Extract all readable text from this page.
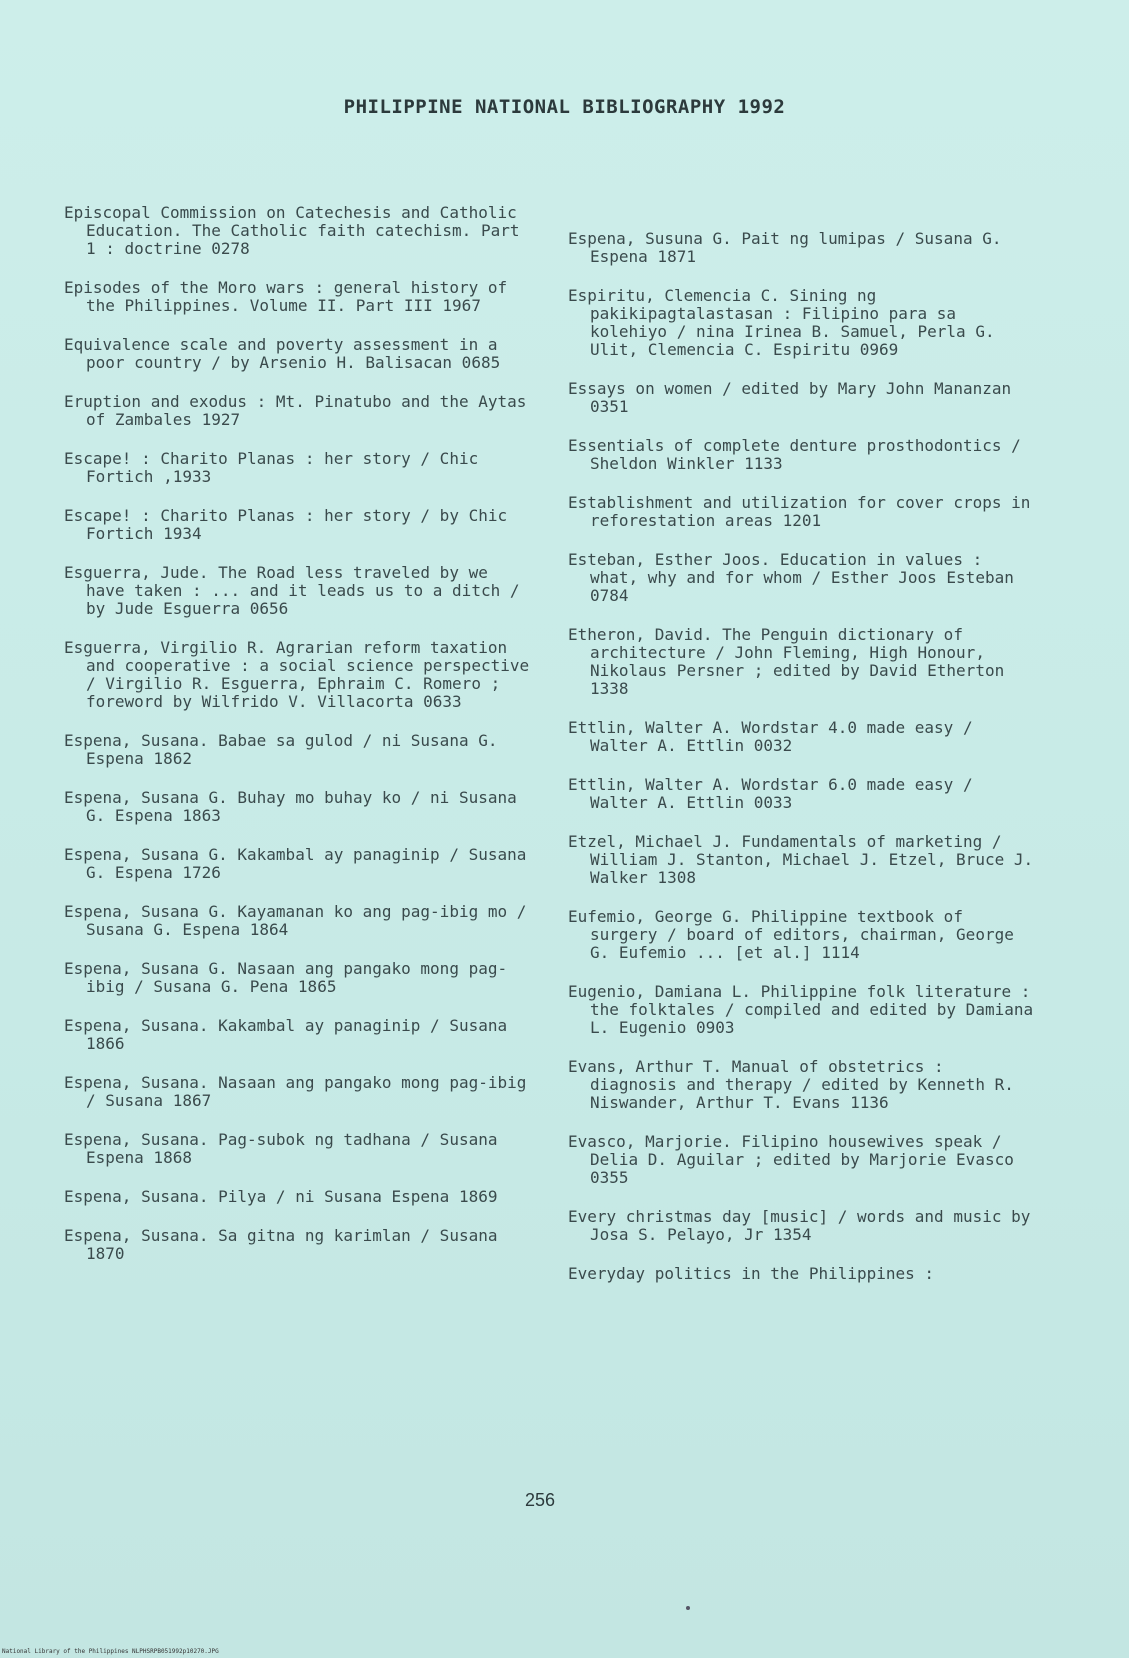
PHILIPPINE NATIONAL BIBLIOGRAPHY 1992

Episcopal Commission on Catechesis and Catholic Education. The Catholic faith catechism. Part 1 : doctrine 0278

Episodes of the Moro wars : general history of the Philippines. Volume II. Part III 1967

Equivalence scale and poverty assessment in a poor country / by Arsenio H. Balisacan 0685

Eruption and exodus : Mt. Pinatubo and the Aytas of Zambales 1927

Escape! : Charito Planas : her story / Chic Fortich ,1933

Escape! : Charito Planas : her story / by Chic Fortich 1934

Esguerra, Jude. The Road less traveled by we have taken : ... and it leads us to a ditch / by Jude Esguerra 0656

Esguerra, Virgilio R. Agrarian reform taxation and cooperative : a social science perspective / Virgilio R. Esguerra, Ephraim C. Romero ; foreword by Wilfrido V. Villacorta 0633

Espena, Susana. Babae sa gulod / ni Susana G. Espena 1862

Espena, Susana G. Buhay mo buhay ko / ni Susana G. Espena 1863

Espena, Susana G. Kakambal ay panaginip / Susana G. Espena 1726

Espena, Susana G. Kayamanan ko ang pag-ibig mo / Susana G. Espena 1864

Espena, Susana G. Nasaan ang pangako mong pag-ibig / Susana G. Pena 1865

Espena, Susana. Kakambal ay panaginip / Susana 1866

Espena, Susana. Nasaan ang pangako mong pag-ibig / Susana 1867

Espena, Susana. Pag-subok ng tadhana / Susana Espena 1868

Espena, Susana. Pilya / ni Susana Espena 1869

Espena, Susana. Sa gitna ng karimlan / Susana 1870

Espena, Susuna G. Pait ng lumipas / Susana G. Espena 1871

Espiritu, Clemencia C. Sining ng pakikipagtalastasan : Filipino para sa kolehiyo / nina Irinea B. Samuel, Perla G. Ulit, Clemencia C. Espiritu 0969

Essays on women / edited by Mary John Mananzan 0351

Essentials of complete denture prosthodontics / Sheldon Winkler 1133

Establishment and utilization for cover crops in reforestation areas 1201

Esteban, Esther Joos. Education in values : what, why and for whom / Esther Joos Esteban 0784

Etheron, David. The Penguin dictionary of architecture / John Fleming, High Honour, Nikolaus Persner ; edited by David Etherton 1338

Ettlin, Walter A. Wordstar 4.0 made easy / Walter A. Ettlin 0032

Ettlin, Walter A. Wordstar 6.0 made easy / Walter A. Ettlin 0033

Etzel, Michael J. Fundamentals of marketing / William J. Stanton, Michael J. Etzel, Bruce J. Walker 1308

Eufemio, George G. Philippine textbook of surgery / board of editors, chairman, George G. Eufemio ... [et al.] 1114

Eugenio, Damiana L. Philippine folk literature : the folktales / compiled and edited by Damiana L. Eugenio 0903

Evans, Arthur T. Manual of obstetrics : diagnosis and therapy / edited by Kenneth R. Niswander, Arthur T. Evans 1136

Evasco, Marjorie. Filipino housewives speak / Delia D. Aguilar ; edited by Marjorie Evasco 0355

Every christmas day [music] / words and music by Josa S. Pelayo, Jr 1354

Everyday politics in the Philippines :

256
National Library of the Philippines NLPHSRPB051992p10270.JPG
